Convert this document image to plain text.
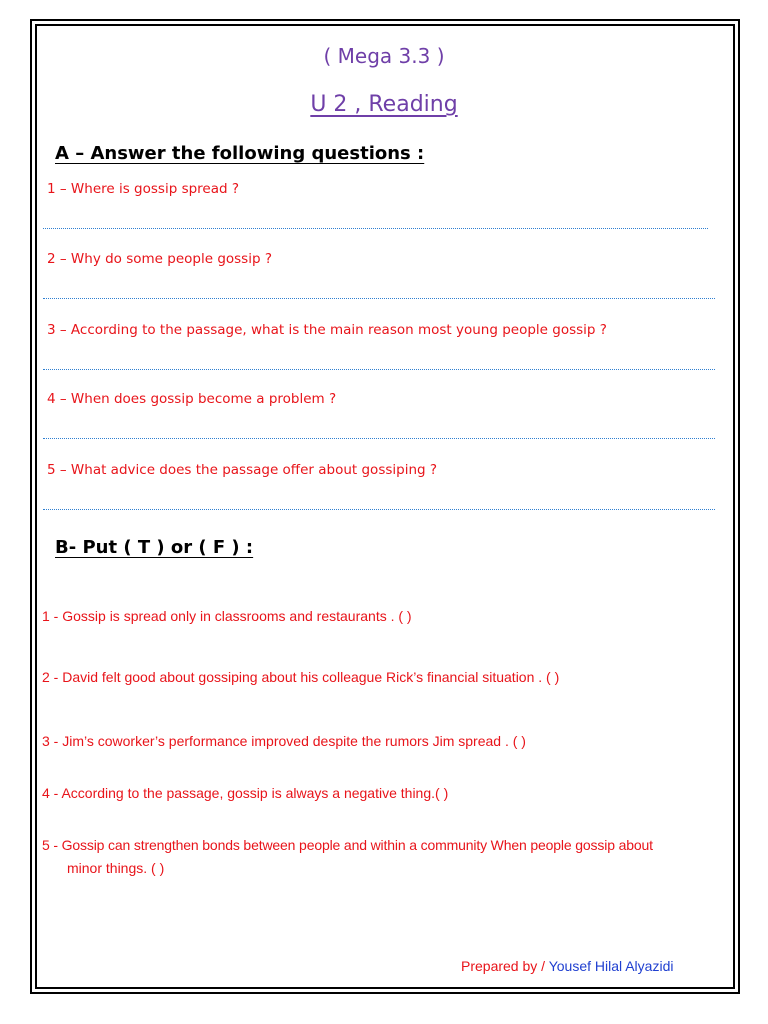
( Mega 3.3 )
U 2 , Reading
A – Answer the following questions :
1 – Where is gossip spread ?
2 – Why do some people gossip ?
3 – According to the passage, what is the main reason most young people gossip ?
4 – When does gossip become a problem ?
5 – What advice does the passage offer about gossiping ?
B- Put ( T ) or ( F ) :
1 - Gossip is spread only in classrooms and restaurants . ( )
2 - David felt good about gossiping about his colleague Rick’s financial situation . ( )
3 - Jim’s coworker’s performance improved despite the rumors Jim spread . ( )
4 - According to the passage, gossip is always a negative thing.( )
5 - Gossip can strengthen bonds between people and within a community When people gossip about
minor things. ( )
Prepared by / Yousef Hilal Alyazidi
